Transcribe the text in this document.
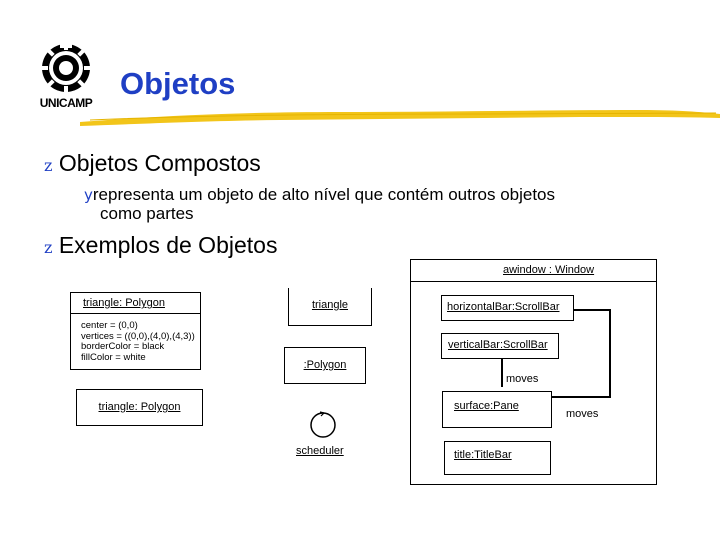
UNICAMP
Objetos
z Objetos Compostos
yrepresenta um objeto de alto nível que contém outros objetos
como partes
z Exemplos de Objetos
triangle: Polygon
center = (0,0)
vertices = ((0,0),(4,0),(4,3))
borderColor = black
fillColor = white
triangle: Polygon
triangle
:Polygon
scheduler
awindow : Window
horizontalBar:ScrollBar
verticalBar:ScrollBar
moves
surface:Pane
moves
title:TitleBar
